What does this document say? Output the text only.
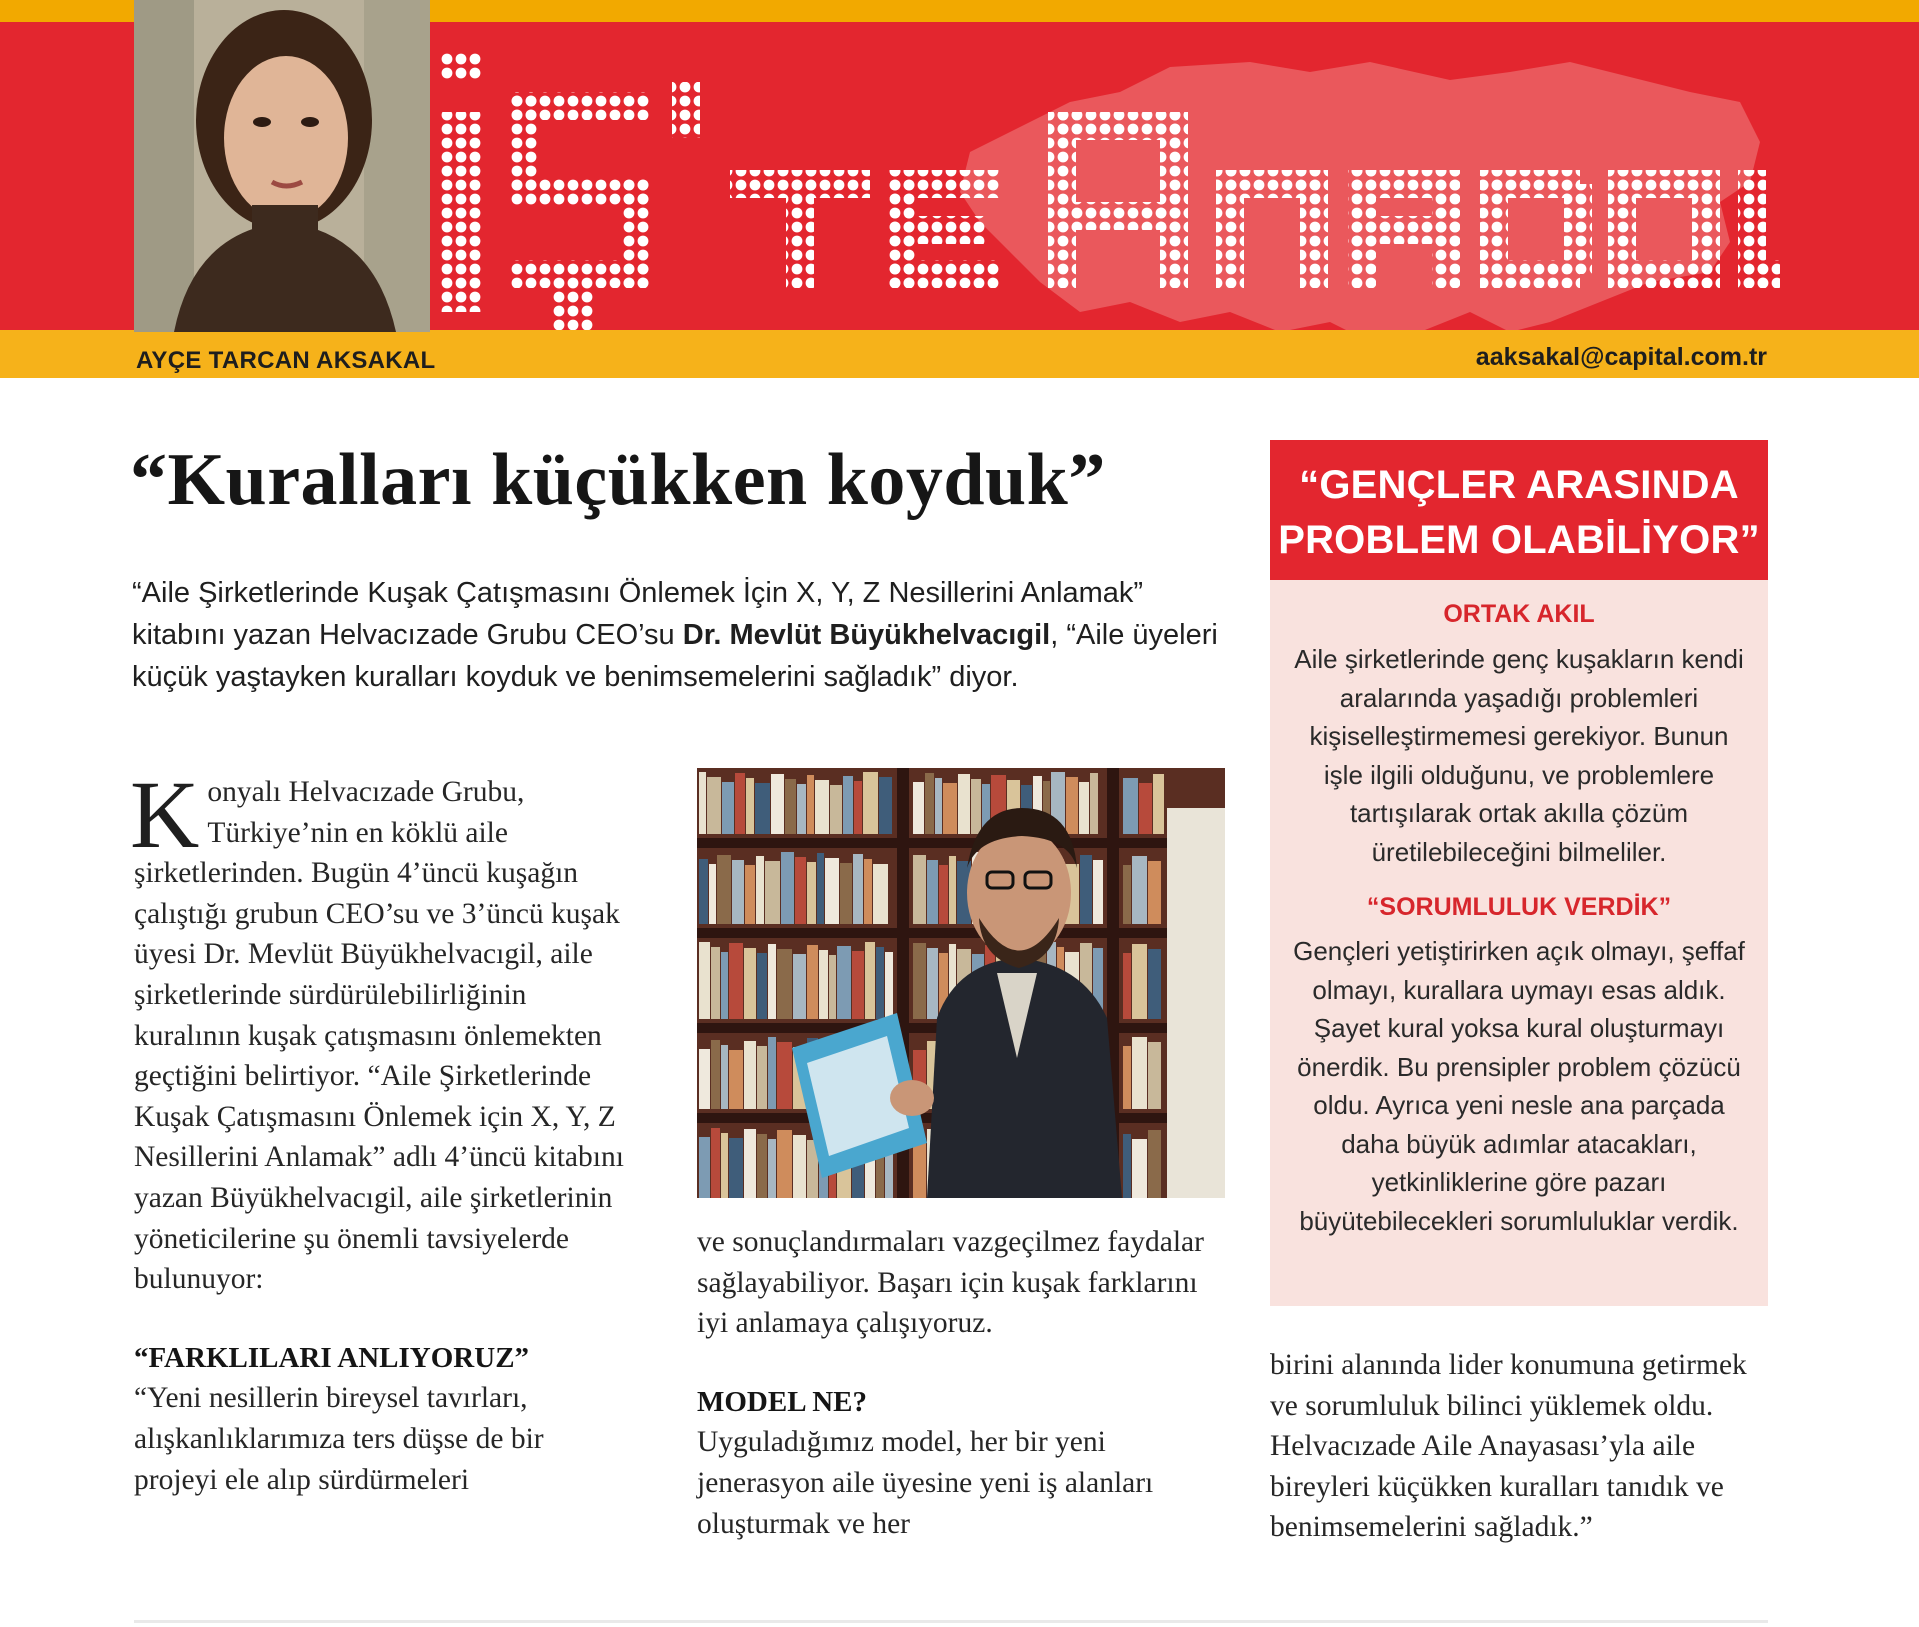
AYÇE TARCAN AKSAKAL	aaksakal@capital.com.tr
“Kuralları küçükken koyduk”
“Aile Şirketlerinde Kuşak Çatışmasını Önlemek İçin X, Y, Z Nesillerini Anlamak” kitabını yazan Helvacızade Grubu CEO’su Dr. Mevlüt Büyükhelvacıgil, “Aile üyeleri küçük yaştayken kuralları koyduk ve benimsemelerini sağladık” diyor.

Konyalı Helvacızade Grubu, Türkiye’nin en köklü aile şirketlerinden. Bugün 4’üncü kuşağın çalıştığı grubun CEO’su ve 3’üncü kuşak üyesi Dr. Mevlüt Büyükhelvacıgil, aile şirketlerinde sürdürülebilirliğinin kuralının kuşak çatışmasını önlemekten geçtiğini belirtiyor. “Aile Şirketlerinde Kuşak Çatışmasını Önlemek için X, Y, Z Nesillerini Anlamak” adlı 4’üncü kitabını yazan Büyükhelvacıgil, aile şirketlerinin yöneticilerine şu önemli tavsiyelerde bulunuyor:

“FARKLILARI ANLIYORUZ”

“Yeni nesillerin bireysel tavırları, alışkanlıklarımıza ters düşse de bir projeyi ele alıp sürdürmeleri

ve sonuçlandırmaları vazgeçilmez faydalar sağlayabiliyor. Başarı için kuşak farklarını iyi anlamaya çalışıyoruz.

MODEL NE?

Uyguladığımız model, her bir yeni jenerasyon aile üyesine yeni iş alanları oluşturmak ve her

birini alanında lider konumuna getirmek ve sorumluluk bilinci yüklemek oldu. Helvacızade Aile Anayasası’yla aile bireyleri küçükken kuralları tanıdık ve benimsemelerini sağladık.”

“GENÇLER ARASINDA PROBLEM OLABİLİYOR”
ORTAK AKIL
Aile şirketlerinde genç kuşakların kendi aralarında yaşadığı problemleri kişiselleştirmemesi gerekiyor. Bunun işle ilgili olduğunu, ve problemlere tartışılarak ortak akılla çözüm üretilebileceğini bilmeliler.
“SORUMLULUK VERDİK”
Gençleri yetiştirirken açık olmayı, şeffaf olmayı, kurallara uymayı esas aldık. Şayet kural yoksa kural oluşturmayı önerdik. Bu prensipler problem çözücü oldu. Ayrıca yeni nesle ana parçada daha büyük adımlar atacakları, yetkinliklerine göre pazarı büyütebilecekleri sorumluluklar verdik.
